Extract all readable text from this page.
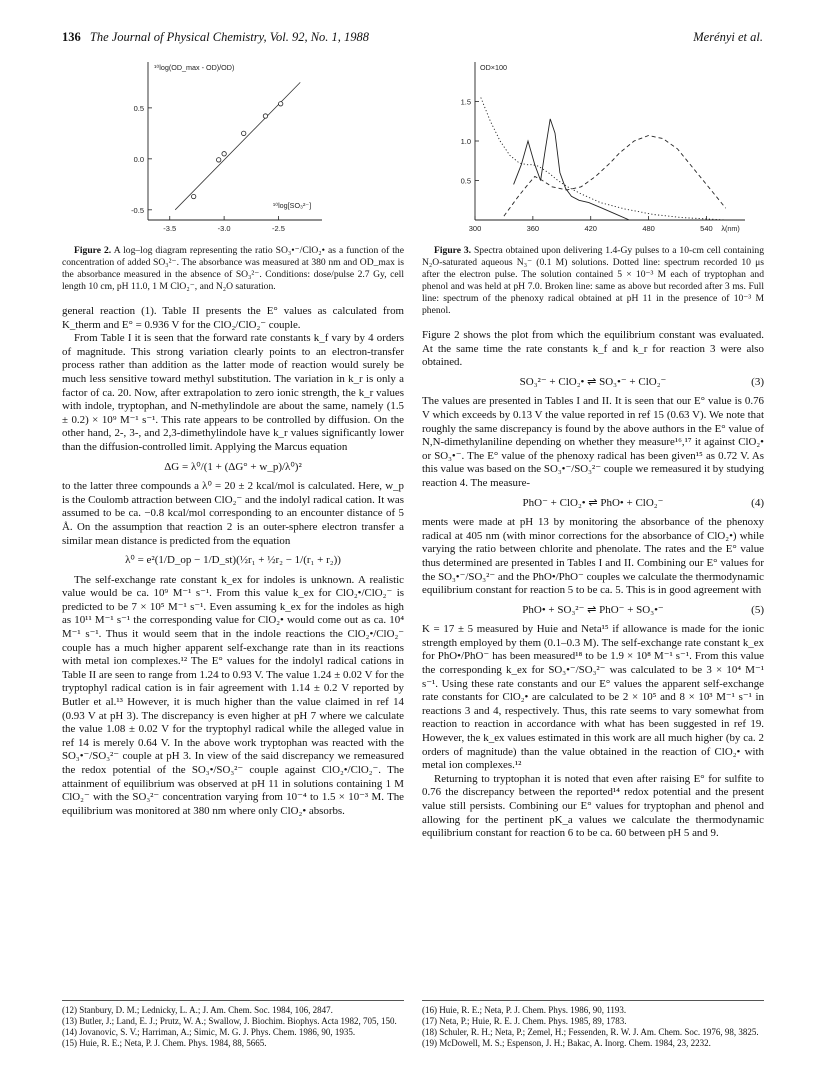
136 The Journal of Physical Chemistry, Vol. 92, No. 1, 1988	Merényi et al.
-0.5
0.0
0.5
-3.5	-3.0	-2.5
¹⁰log(OD_max - OD)/OD)
¹⁰log[SO₃²⁻]
0.5
1.0
1.5
300	360	420	480	540
OD×100
λ(nm)

Figure 2. A log–log diagram representing the ratio SO₃•⁻/ClO₂• as a function of the concentration of added SO₃²⁻. The absorbance was measured at 380 nm and OD_max is the absorbance measured in the absence of SO₃²⁻. Conditions: dose/pulse 2.7 Gy, cell length 10 cm, pH 11.0, 1 M ClO₂⁻, and N₂O saturation.

general reaction (1). Table II presents the E° values as calculated from K_therm and E° = 0.936 V for the ClO₂/ClO₂⁻ couple.

From Table I it is seen that the forward rate constants k_f vary by 4 orders of magnitude. This strong variation clearly points to an electron-transfer process rather than addition as the latter mode of reaction would surely be much less sensitive toward methyl substitution. The variation in k_r is only a factor of ca. 20. Now, after extrapolation to zero ionic strength, the k_r values with indole, tryptophan, and N-methylindole are about the same, namely (1.5 ± 0.2) × 10⁹ M⁻¹ s⁻¹. This rate appears to be controlled by diffusion. On the other hand, 2-, 3-, and 2,3-dimethylindole have k_r values significantly lower than the diffusion-controlled limit. Applying the Marcus equation

ΔG = λ⁰/(1 + (ΔG° + w_p)/λ⁰)²

to the latter three compounds a λ⁰ = 20 ± 2 kcal/mol is calculated. Here, w_p is the Coulomb attraction between ClO₂⁻ and the indolyl radical cation. It was assumed to be ca. −0.8 kcal/mol corresponding to an encounter distance of 5 Å. On the assumption that reaction 2 is an outer-sphere electron transfer a similar mean distance is predicted from the equation

λ⁰ = e²(1/D_op − 1/D_st)(½r₁ + ½r₂ − 1/(r₁ + r₂))

The self-exchange rate constant k_ex for indoles is unknown. A realistic value would be ca. 10⁹ M⁻¹ s⁻¹. From this value k_ex for ClO₂•/ClO₂⁻ is predicted to be 7 × 10⁵ M⁻¹ s⁻¹. Even assuming k_ex for the indoles as high as 10¹¹ M⁻¹ s⁻¹ the corresponding value for ClO₂• would come out as ca. 10⁴ M⁻¹ s⁻¹. Thus it would seem that in the indole reactions the ClO₂•/ClO₂⁻ couple has a much higher apparent self-exchange rate than in its reactions with metal ion complexes.¹² The E° values for the indolyl radical cations in Table II are seen to range from 1.24 to 0.93 V. The value 1.24 ± 0.02 V for the tryptophyl radical cation is in fair agreement with 1.14 ± 0.2 V reported by Butler et al.¹³ However, it is much higher than the value claimed in ref 14 (0.93 V at pH 3). The discrepancy is even higher at pH 7 where we calculate the value 1.08 ± 0.02 V for the tryptophyl radical while the alleged value in ref 14 is merely 0.64 V. In the above work tryptophan was reacted with the SO₃•⁻/SO₃²⁻ couple at pH 3. In view of the said discrepancy we remeasured the redox potential of the SO₃•/SO₃²⁻ couple against ClO₂•/ClO₂⁻. The attainment of equilibrium was observed at pH 11 in solutions containing 1 M ClO₂⁻ with the SO₃²⁻ concentration varying from 10⁻⁴ to 1.5 × 10⁻³ M. The equilibrium was monitored at 380 nm where only ClO₂• absorbs.

Figure 3. Spectra obtained upon delivering 1.4-Gy pulses to a 10-cm cell containing N₂O-saturated aqueous N₃⁻ (0.1 M) solutions. Dotted line: spectrum recorded 10 μs after the electron pulse. The solution contained 5 × 10⁻³ M each of tryptophan and phenol and was held at pH 7.0. Broken line: same as above but recorded after 3 ms. Full line: spectrum of the phenoxy radical obtained at pH 11 in the presence of 10⁻³ M phenol.

Figure 2 shows the plot from which the equilibrium constant was evaluated. At the same time the rate constants k_f and k_r for reaction 3 were also obtained.

SO₃²⁻ + ClO₂• ⇌ SO₃•⁻ + ClO₂⁻	(3)

The values are presented in Tables I and II. It is seen that our E° value is 0.76 V which exceeds by 0.13 V the value reported in ref 15 (0.63 V). We note that roughly the same discrepancy is found by the above authors in the E° value of N,N-dimethylaniline depending on whether they measure¹⁶,¹⁷ it against ClO₂• or SO₃•⁻. The E° value of the phenoxy radical has been given¹⁵ as 0.72 V. As this value was based on the SO₃•⁻/SO₃²⁻ couple we remeasured it by studying reaction 4. The measure-

PhO⁻ + ClO₂• ⇌ PhO• + ClO₂⁻	(4)

ments were made at pH 13 by monitoring the absorbance of the phenoxy radical at 405 nm (with minor corrections for the absorbance of ClO₂•) while varying the ratio between chlorite and phenolate. The rates and the E° value thus determined are presented in Tables I and II. Combining our E° values for the SO₃•⁻/SO₃²⁻ and the PhO•/PhO⁻ couples we calculate the thermodynamic equilibrium constant for reaction 5 to be ca. 5. This is in good agreement with

PhO• + SO₃²⁻ ⇌ PhO⁻ + SO₃•⁻	(5)

K = 17 ± 5 measured by Huie and Neta¹⁵ if allowance is made for the ionic strength employed by them (0.1–0.3 M). The self-exchange rate constant k_ex for PhO•/PhO⁻ has been measured¹⁸ to be 1.9 × 10⁸ M⁻¹ s⁻¹. From this value the corresponding k_ex for SO₃•⁻/SO₃²⁻ was calculated to be 3 × 10⁴ M⁻¹ s⁻¹. Using these rate constants and our E° values the apparent self-exchange rate constants for ClO₂• are calculated to be 2 × 10⁵ and 8 × 10³ M⁻¹ s⁻¹ in reactions 3 and 4, respectively. Thus, this rate seems to vary somewhat from reaction to reaction in accordance with what has been suggested in ref 19. However, the k_ex values estimated in this work are all much higher (by ca. 2 orders of magnitude) than the value obtained in the reaction of ClO₂• with metal ion complexes.¹²

Returning to tryptophan it is noted that even after raising E° for sulfite to 0.76 the discrepancy between the reported¹⁴ redox potential and the present value still persists. Combining our E° values for tryptophan and phenol and allowing for the pertinent pK_a values we calculate the thermodynamic equilibrium constant for reaction 6 to be ca. 60 between pH 5 and 9.

(12) Stanbury, D. M.; Lednicky, L. A.; J. Am. Chem. Soc. 1984, 106, 2847.
(13) Butler, J.; Land, E. J.; Prutz, W. A.; Swallow, J. Biochim. Biophys. Acta 1982, 705, 150.
(14) Jovanovic, S. V.; Harriman, A.; Simic, M. G. J. Phys. Chem. 1986, 90, 1935.
(15) Huie, R. E.; Neta, P. J. Chem. Phys. 1984, 88, 5665.
(16) Huie, R. E.; Neta, P. J. Chem. Phys. 1986, 90, 1193.
(17) Neta, P.; Huie, R. E. J. Chem. Phys. 1985, 89, 1783.
(18) Schuler, R. H.; Neta, P.; Zemel, H.; Fessenden, R. W. J. Am. Chem. Soc. 1976, 98, 3825.
(19) McDowell, M. S.; Espenson, J. H.; Bakac, A. Inorg. Chem. 1984, 23, 2232.
